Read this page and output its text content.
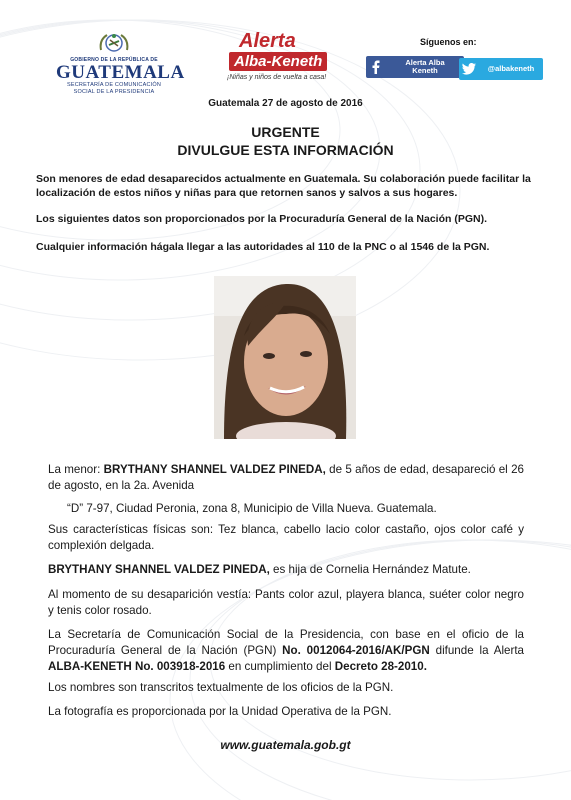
GOBIERNO DE LA REPÚBLICA DE
GUATEMALA
SECRETARÍA DE COMUNICACIÓN
SOCIAL DE LA PRESIDENCIA
Alerta
Alba-Keneth
¡Niñas y niños de vuelta a casa!
Síguenos en:
Alerta Alba
Keneth	@albakeneth
Guatemala 27 de agosto de 2016
URGENTE
DIVULGUE ESTA INFORMACIÓN
Son menores de edad desaparecidos actualmente en Guatemala. Su colaboración puede facilitar la localización de estos niños y niñas para que retornen sanos y salvos a sus hogares.
Los siguientes datos son proporcionados por la Procuraduría General de la Nación (PGN).
Cualquier información hágala llegar a las autoridades al 110 de la PNC o al 1546 de la PGN.
La menor: BRYTHANY SHANNEL VALDEZ PINEDA, de 5 años de edad, desapareció el 26 de agosto, en la 2a. Avenida
“D” 7-97, Ciudad Peronia, zona 8, Municipio de Villa Nueva. Guatemala.
Sus características físicas son: Tez blanca, cabello lacio color castaño, ojos color café y complexión delgada.
BRYTHANY SHANNEL VALDEZ PINEDA, es hija de Cornelia Hernández Matute.
Al momento de su desaparición vestía: Pants color azul, playera blanca, suéter color negro y tenis color rosado.
La Secretaría de Comunicación Social de la Presidencia, con base en el oficio de la Procuraduría General de la Nación (PGN) No. 0012064-2016/AK/PGN difunde la Alerta ALBA-KENETH No. 003918-2016 en cumplimiento del Decreto 28-2010.
Los nombres son transcritos textualmente de los oficios de la PGN.
La fotografía es proporcionada por la Unidad Operativa de la PGN.
www.guatemala.gob.gt
